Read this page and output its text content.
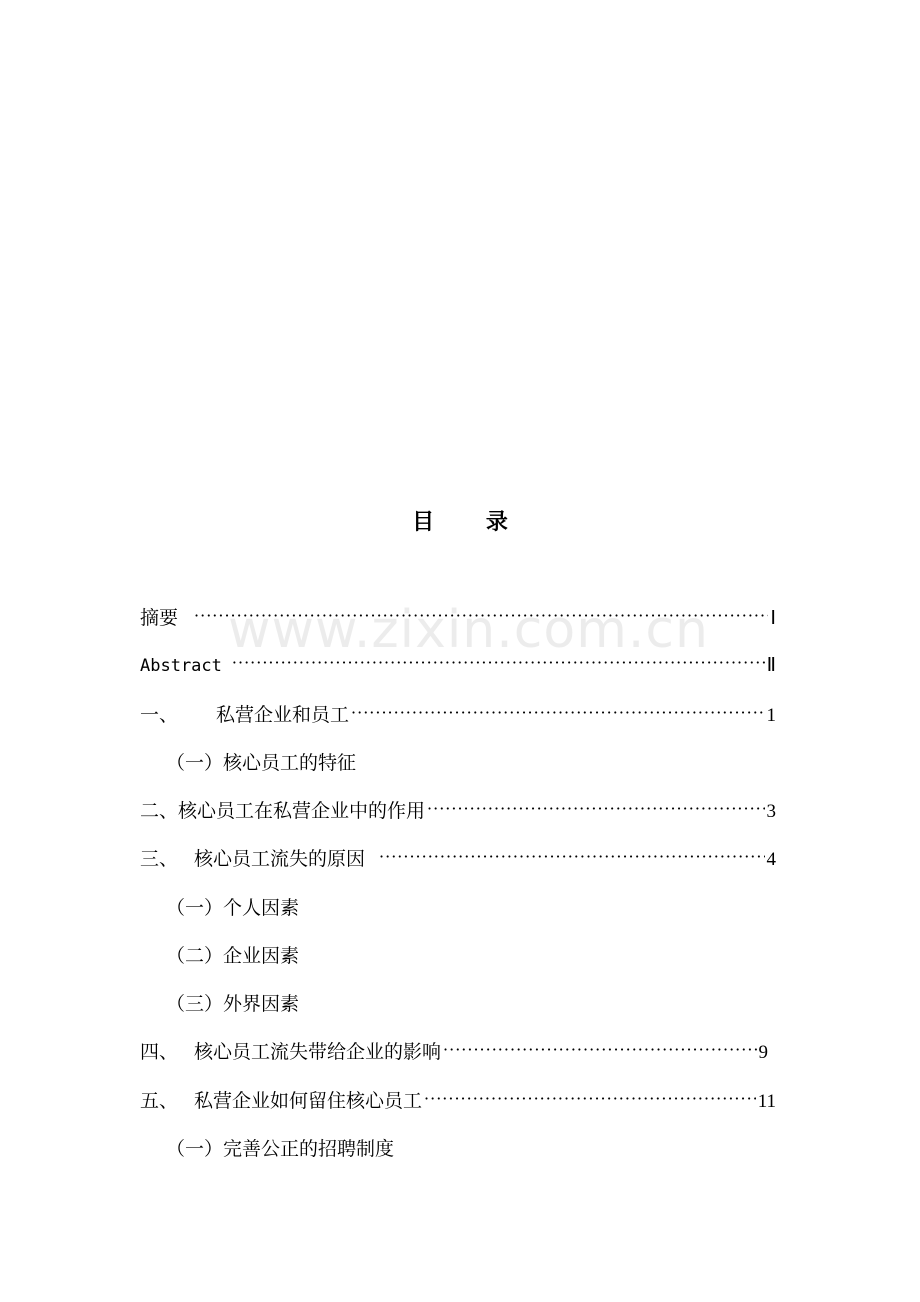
目 录
www.zixin.com.cn
摘要 ·····	Ⅰ
Abstract ·····	Ⅱ
一、 私营企业和员工 ·····	1
（一） 核心员工的特征
二、 核心员工在私营企业中的作用 ·····	3
三、 核心员工流失的原因 ·····	4
（一） 个人因素
（二） 企业因素
（三） 外界因素
四、 核心员工流失带给企业的影响 ·····	9
五、 私营企业如何留住核心员工 ·····	11
（一） 完善公正的招聘制度
